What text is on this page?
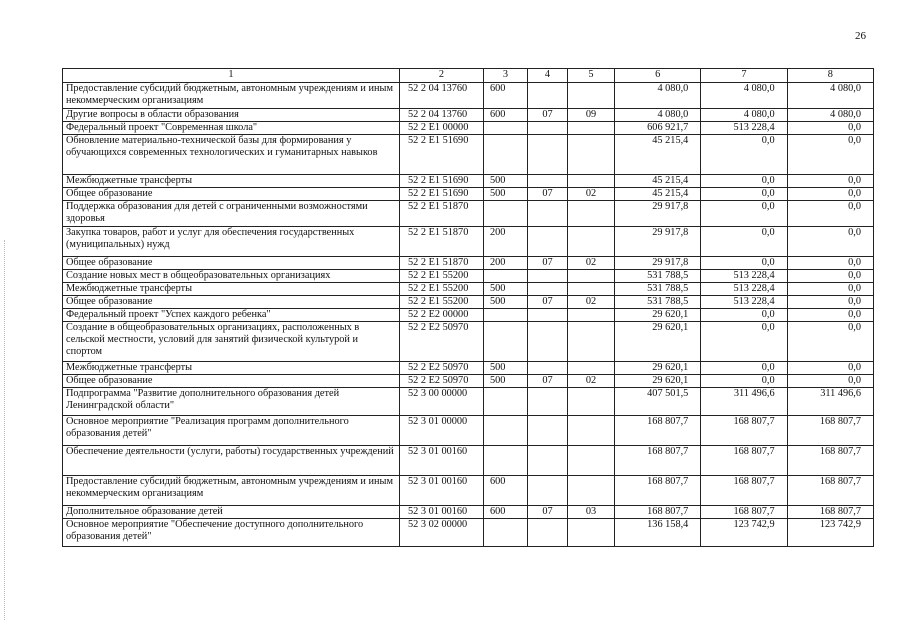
26
1	2	3	4	5	6	7	8
Предоставление субсидий бюджетным, автономным учреждениям и иным некоммерческим организациям	52 2 04 13760	600			4 080,0	4 080,0	4 080,0
Другие вопросы в области образования	52 2 04 13760	600	07	09	4 080,0	4 080,0	4 080,0
Федеральный проект "Современная школа"	52 2 E1 00000				606 921,7	513 228,4	0,0
Обновление материально-технической базы для формирования у обучающихся современных технологических и гуманитарных навыков	52 2 E1 51690				45 215,4	0,0	0,0
Межбюджетные трансферты	52 2 E1 51690	500			45 215,4	0,0	0,0
Общее образование	52 2 E1 51690	500	07	02	45 215,4	0,0	0,0
Поддержка образования для детей с ограниченными возможностями здоровья	52 2 E1 51870				29 917,8	0,0	0,0
Закупка товаров, работ и услуг для обеспечения государственных (муниципальных) нужд	52 2 E1 51870	200			29 917,8	0,0	0,0
Общее образование	52 2 E1 51870	200	07	02	29 917,8	0,0	0,0
Создание новых мест в общеобразовательных организациях	52 2 E1 55200				531 788,5	513 228,4	0,0
Межбюджетные трансферты	52 2 E1 55200	500			531 788,5	513 228,4	0,0
Общее образование	52 2 E1 55200	500	07	02	531 788,5	513 228,4	0,0
Федеральный проект "Успех каждого ребенка"	52 2 E2 00000				29 620,1	0,0	0,0
Создание в общеобразовательных организациях, расположенных в сельской местности, условий для занятий физической культурой и спортом	52 2 E2 50970				29 620,1	0,0	0,0
Межбюджетные трансферты	52 2 E2 50970	500			29 620,1	0,0	0,0
Общее образование	52 2 E2 50970	500	07	02	29 620,1	0,0	0,0
Подпрограмма "Развитие дополнительного образования детей Ленинградской области"	52 3 00 00000				407 501,5	311 496,6	311 496,6
Основное мероприятие "Реализация программ дополнительного образования детей"	52 3 01 00000				168 807,7	168 807,7	168 807,7
Обеспечение деятельности (услуги, работы) государственных учреждений	52 3 01 00160				168 807,7	168 807,7	168 807,7
Предоставление субсидий бюджетным, автономным учреждениям и иным некоммерческим организациям	52 3 01 00160	600			168 807,7	168 807,7	168 807,7
Дополнительное образование детей	52 3 01 00160	600	07	03	168 807,7	168 807,7	168 807,7
Основное мероприятие "Обеспечение доступного дополнительного образования детей"	52 3 02 00000				136 158,4	123 742,9	123 742,9
